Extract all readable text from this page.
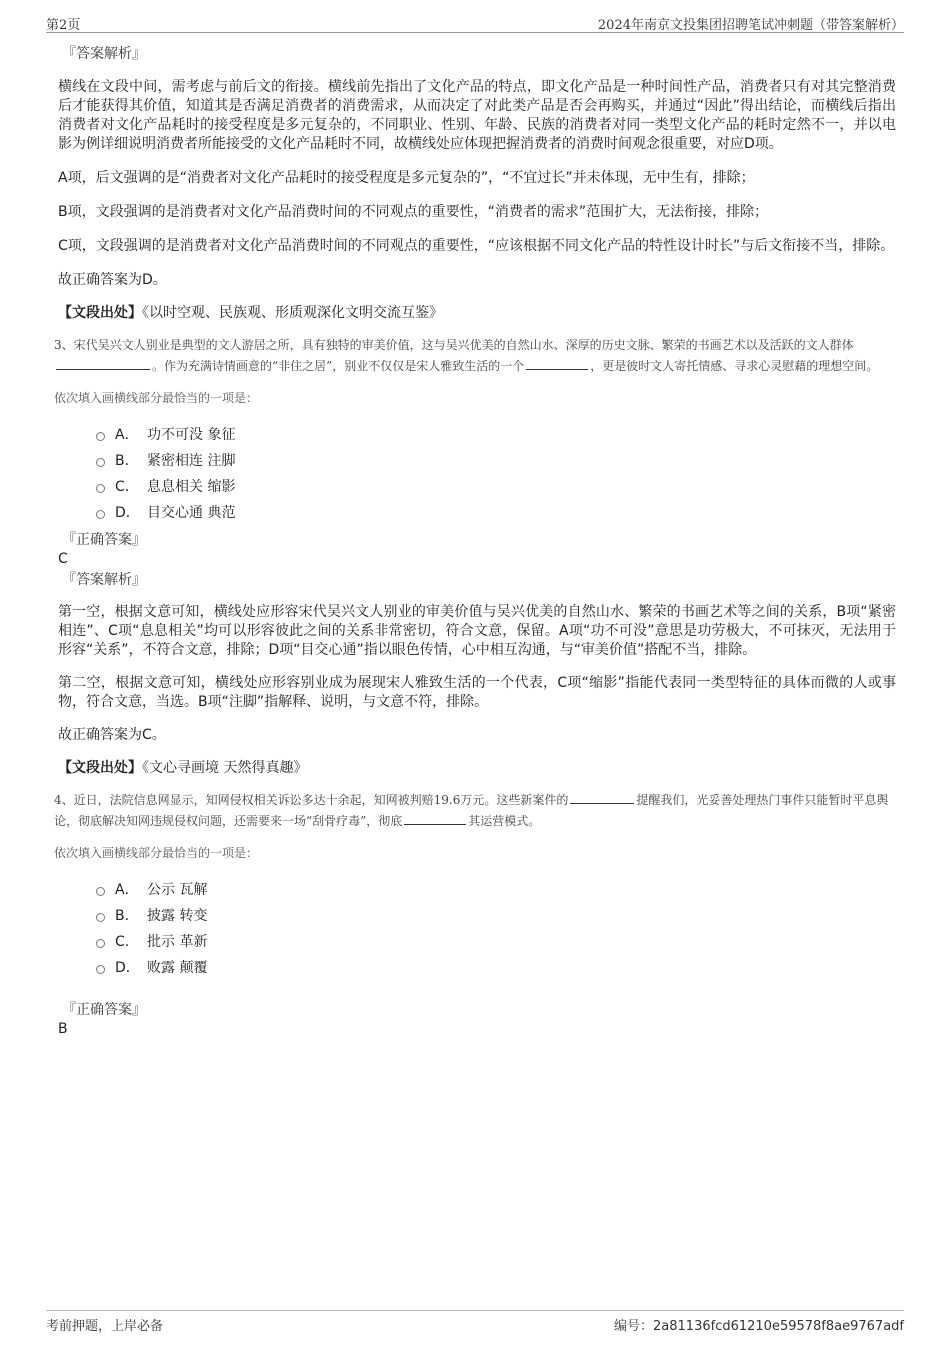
第2页	2024年南京文投集团招聘笔试冲刺题（带答案解析）
『答案解析』

横线在文段中间，需考虑与前后文的衔接。横线前先指出了文化产品的特点，即文化产品是一种时间性产品，消费者只有对其完整消费后才能获得其价值，知道其是否满足消费者的消费需求，从而决定了对此类产品是否会再购买，并通过“因此”得出结论，而横线后指出消费者对文化产品耗时的接受程度是多元复杂的，不同职业、性别、年龄、民族的消费者对同一类型文化产品的耗时定然不一，并以电影为例详细说明消费者所能接受的文化产品耗时不同，故横线处应体现把握消费者的消费时间观念很重要，对应D项。

A项，后文强调的是“消费者对文化产品耗时的接受程度是多元复杂的”，“不宜过长”并未体现，无中生有，排除；

B项，文段强调的是消费者对文化产品消费时间的不同观点的重要性，“消费者的需求”范围扩大，无法衔接，排除；

C项，文段强调的是消费者对文化产品消费时间的不同观点的重要性，“应该根据不同文化产品的特性设计时长”与后文衔接不当，排除。

故正确答案为D。

【文段出处】《以时空观、民族观、形质观深化文明交流互鉴》

3、宋代吴兴文人别业是典型的文人游居之所，具有独特的审美价值，这与吴兴优美的自然山水、深厚的历史文脉、繁荣的书画艺术以及活跃的文人群体。作为充满诗情画意的“非住之居”，别业不仅仅是宋人雅致生活的一个	，更是彼时文人寄托情感、寻求心灵慰藉的理想空间。

依次填入画横线部分最恰当的一项是：
A． 功不可没 象征
B． 紧密相连 注脚
C． 息息相关 缩影
D． 目交心通 典范
『正确答案』
C
『答案解析』

第一空，根据文意可知，横线处应形容宋代吴兴文人别业的审美价值与吴兴优美的自然山水、繁荣的书画艺术等之间的关系，B项“紧密相连”、C项“息息相关”均可以形容彼此之间的关系非常密切，符合文意，保留。A项“功不可没”意思是功劳极大，不可抹灭，无法用于形容“关系”，不符合文意，排除；D项“目交心通”指以眼色传情，心中相互沟通，与“审美价值”搭配不当，排除。

第二空，根据文意可知，横线处应形容别业成为展现宋人雅致生活的一个代表，C项“缩影”指能代表同一类型特征的具体而微的人或事物，符合文意，当选。B项“注脚”指解释、说明，与文意不符，排除。

故正确答案为C。

【文段出处】《文心寻画境 天然得真趣》

4、近日，法院信息网显示，知网侵权相关诉讼多达十余起，知网被判赔19.6万元。这些新案件的	提醒我们，光妥善处理热门事件只能暂时平息舆论，彻底解决知网违规侵权问题，还需要来一场“刮骨疗毒”，彻底	其运营模式。

依次填入画横线部分最恰当的一项是：
A． 公示 瓦解
B． 披露 转变
C． 批示 革新
D． 败露 颠覆
『正确答案』
B
考前押题，上岸必备	编号：2a81136fcd61210e59578f8ae9767adf
